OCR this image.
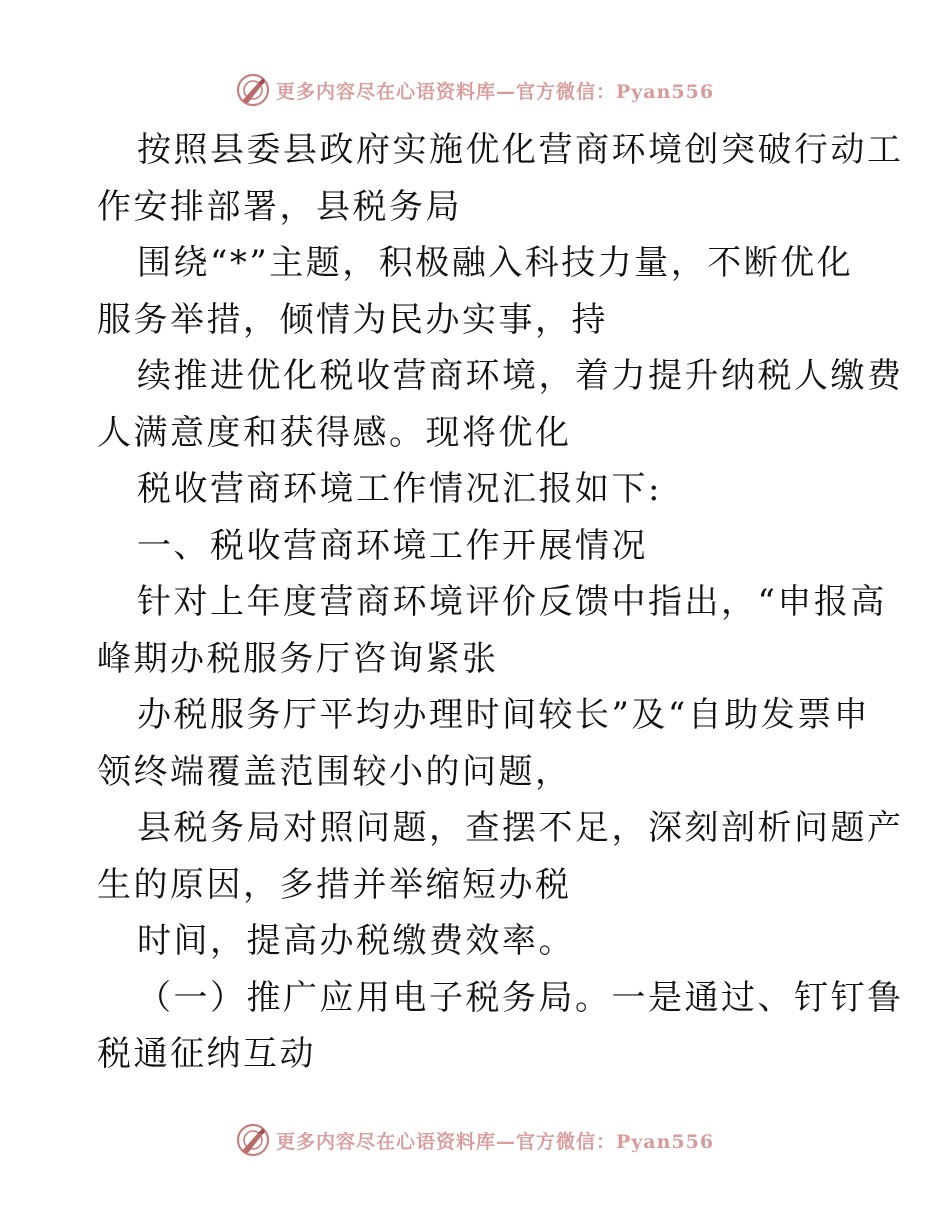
更多内容尽在心语资料库—官方微信：Pyan556
按照县委县政府实施优化营商环境创突破行动工
作安排部署，县税务局
围绕“*”主题，积极融入科技力量，不断优化
服务举措，倾情为民办实事，持
续推进优化税收营商环境，着力提升纳税人缴费
人满意度和获得感。现将优化
税收营商环境工作情况汇报如下:
一、税收营商环境工作开展情况
针对上年度营商环境评价反馈中指出，“申报高
峰期办税服务厅咨询紧张
办税服务厅平均办理时间较长”及“自助发票申
领终端覆盖范围较小的问题，
县税务局对照问题，查摆不足，深刻剖析问题产
生的原因，多措并举缩短办税
时间，提高办税缴费效率。
（一）推广应用电子税务局。一是通过、钉钉鲁
税通征纳互动
更多内容尽在心语资料库—官方微信：Pyan556
